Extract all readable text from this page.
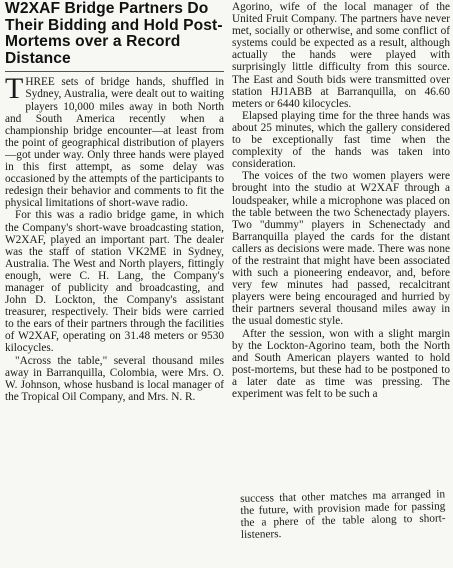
W2XAF Bridge Partners Do Their Bidding and Hold Post-Mortems over a Record Distance

THREE sets of bridge hands, shuffled in Sydney, Australia, were dealt out to waiting players 10,000 miles away in both North and South America recently when a championship bridge encounter—at least from the point of geographical distribution of players—got under way. Only three hands were played in this first attempt, as some delay was occasioned by the attempts of the participants to redesign their behavior and comments to fit the physical limitations of short-wave radio.

For this was a radio bridge game, in which the Company's short-wave broadcasting station, W2XAF, played an important part. The dealer was the staff of station VK2ME in Sydney, Australia. The West and North players, fittingly enough, were C. H. Lang, the Company's manager of publicity and broadcasting, and John D. Lockton, the Company's assistant treasurer, respectively. Their bids were carried to the ears of their partners through the facilities of W2XAF, operating on 31.48 meters or 9530 kilocycles.

"Across the table," several thousand miles away in Barranquilla, Colombia, were Mrs. O. W. Johnson, whose husband is local manager of the Tropical Oil Company, and Mrs. N. R.

Agorino, wife of the local manager of the United Fruit Company. The partners have never met, socially or otherwise, and some conflict of systems could be expected as a result, although actually the hands were played with surprisingly little difficulty from this source. The East and South bids were transmitted over station HJ1ABB at Barranquilla, on 46.60 meters or 6440 kilocycles.

Elapsed playing time for the three hands was about 25 minutes, which the gallery considered to be exceptionally fast time when the complexity of the hands was taken into consideration.

The voices of the two women players were brought into the studio at W2XAF through a loudspeaker, while a microphone was placed on the table between the two Schenectady players. Two "dummy" players in Schenectady and Barranquilla played the cards for the distant callers as decisions were made. There was none of the restraint that might have been associated with such a pioneering endeavor, and, before very few minutes had passed, recalcitrant players were being encouraged and hurried by their partners several thousand miles away in the usual domestic style.

After the session, won with a slight margin by the Lockton-Agorino team, both the North and South American players wanted to hold post-mortems, but these had to be postponed to a later date as time was pressing. The experiment was felt to be such a

success that other matches ma arranged in the future, with provision made for passing the a phere of the table along to short-listeners.
